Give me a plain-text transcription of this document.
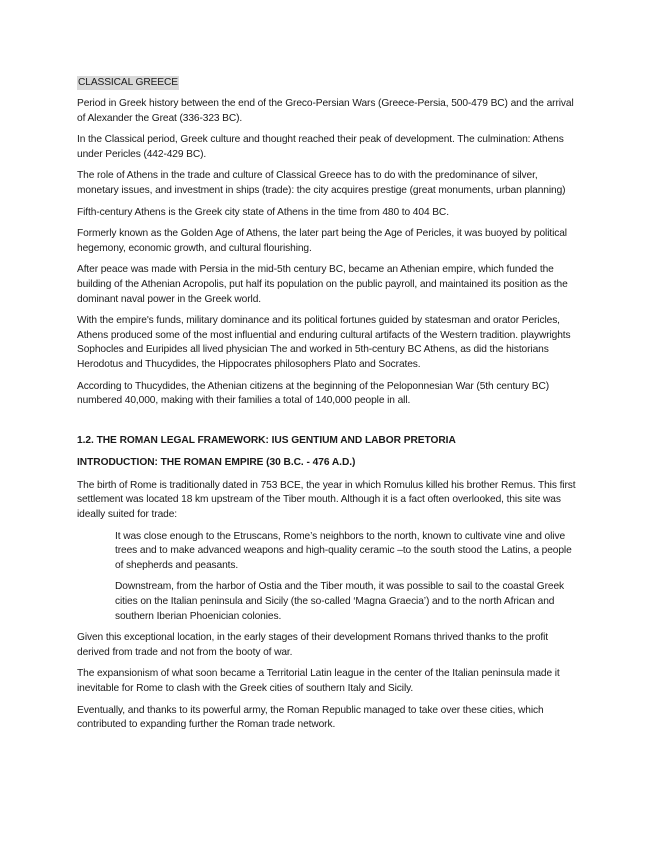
CLASSICAL GREECE

Period in Greek history between the end of the Greco-Persian Wars (Greece-Persia, 500-479 BC) and the arrival of Alexander the Great (336-323 BC).

In the Classical period, Greek culture and thought reached their peak of development. The culmination: Athens under Pericles (442-429 BC).

The role of Athens in the trade and culture of Classical Greece has to do with the predominance of silver, monetary issues, and investment in ships (trade): the city acquires prestige (great monuments, urban planning)

Fifth-century Athens is the Greek city state of Athens in the time from 480 to 404 BC.

Formerly known as the Golden Age of Athens, the later part being the Age of Pericles, it was buoyed by political hegemony, economic growth, and cultural flourishing.

After peace was made with Persia in the mid-5th century BC, became an Athenian empire, which funded the building of the Athenian Acropolis, put half its population on the public payroll, and maintained its position as the dominant naval power in the Greek world.

With the empire's funds, military dominance and its political fortunes guided by statesman and orator Pericles, Athens produced some of the most influential and enduring cultural artifacts of the Western tradition. playwrights Sophocles and Euripides all lived physician The and worked in 5th-century BC Athens, as did the historians Herodotus and Thucydides, the Hippocrates philosophers Plato and Socrates.

According to Thucydides, the Athenian citizens at the beginning of the Peloponnesian War (5th century BC) numbered 40,000, making with their families a total of 140,000 people in all.

1.2. THE ROMAN LEGAL FRAMEWORK: IUS GENTIUM AND LABOR PRETORIA

INTRODUCTION: THE ROMAN EMPIRE (30 B.C. - 476 A.D.)

The birth of Rome is traditionally dated in 753 BCE, the year in which Romulus killed his brother Remus. This first settlement was located 18 km upstream of the Tiber mouth. Although it is a fact often overlooked, this site was ideally suited for trade:

It was close enough to the Etruscans, Rome’s neighbors to the north, known to cultivate vine and olive trees and to make advanced weapons and high-quality ceramic –to the south stood the Latins, a people of shepherds and peasants.

Downstream, from the harbor of Ostia and the Tiber mouth, it was possible to sail to the coastal Greek cities on the Italian peninsula and Sicily (the so-called ‘Magna Graecia’) and to the north African and southern Iberian Phoenician colonies.

Given this exceptional location, in the early stages of their development Romans thrived thanks to the profit derived from trade and not from the booty of war.

The expansionism of what soon became a Territorial Latin league in the center of the Italian peninsula made it inevitable for Rome to clash with the Greek cities of southern Italy and Sicily.

Eventually, and thanks to its powerful army, the Roman Republic managed to take over these cities, which contributed to expanding further the Roman trade network.
